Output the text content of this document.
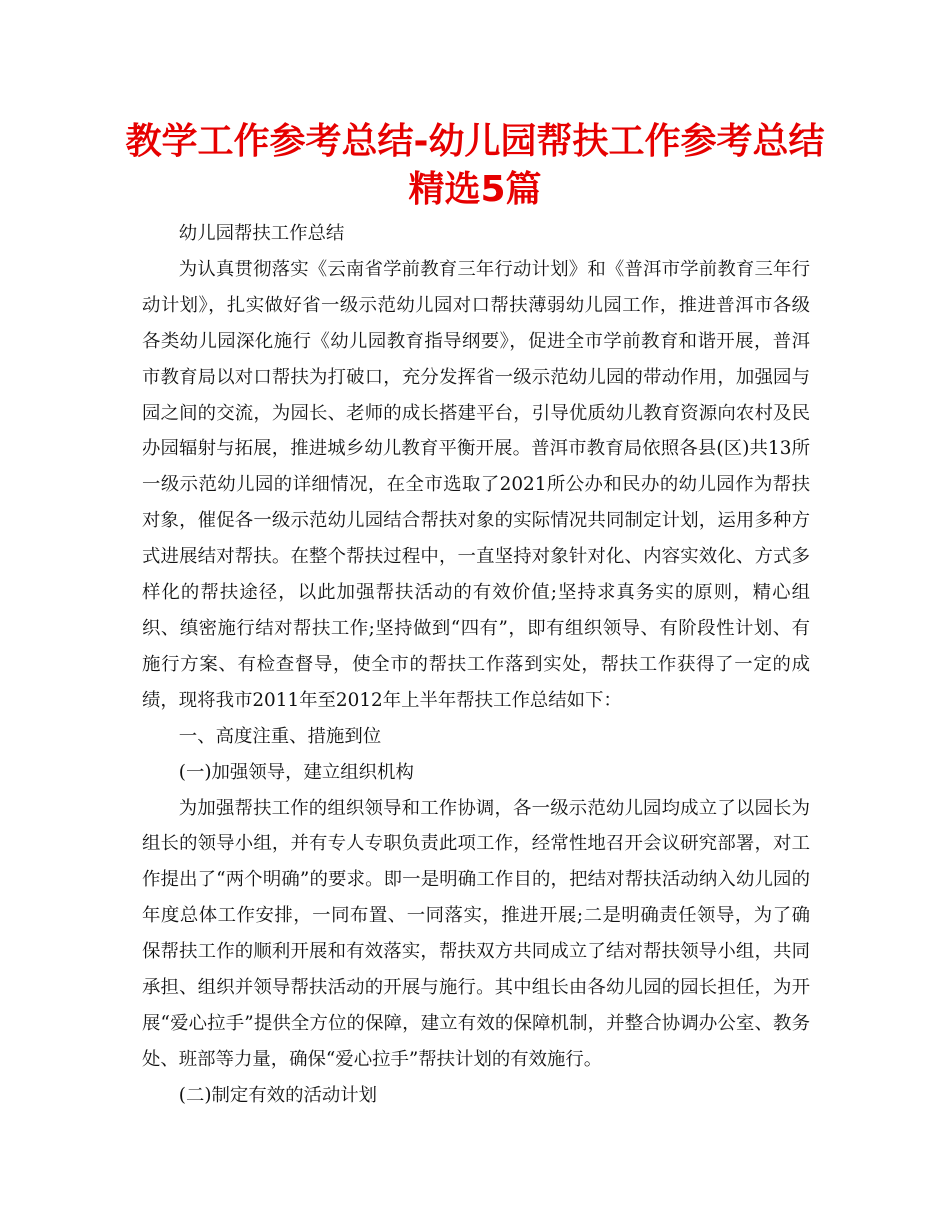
教学工作参考总结-幼儿园帮扶工作参考总结精选5篇

幼儿园帮扶工作总结

为认真贯彻落实《云南省学前教育三年行动计划》和《普洱市学前教育三年行动计划》，扎实做好省一级示范幼儿园对口帮扶薄弱幼儿园工作，推进普洱市各级各类幼儿园深化施行《幼儿园教育指导纲要》，促进全市学前教育和谐开展，普洱市教育局以对口帮扶为打破口，充分发挥省一级示范幼儿园的带动作用，加强园与园之间的交流，为园长、老师的成长搭建平台，引导优质幼儿教育资源向农村及民办园辐射与拓展，推进城乡幼儿教育平衡开展。普洱市教育局依照各县(区)共13所一级示范幼儿园的详细情况，在全市选取了2021所公办和民办的幼儿园作为帮扶对象，催促各一级示范幼儿园结合帮扶对象的实际情况共同制定计划，运用多种方式进展结对帮扶。在整个帮扶过程中，一直坚持对象针对化、内容实效化、方式多样化的帮扶途径，以此加强帮扶活动的有效价值;坚持求真务实的原则，精心组织、缜密施行结对帮扶工作;坚持做到“四有”，即有组织领导、有阶段性计划、有施行方案、有检查督导，使全市的帮扶工作落到实处，帮扶工作获得了一定的成绩，现将我市2011年至2012年上半年帮扶工作总结如下：

一、高度注重、措施到位

(一)加强领导，建立组织机构

为加强帮扶工作的组织领导和工作协调，各一级示范幼儿园均成立了以园长为组长的领导小组，并有专人专职负责此项工作，经常性地召开会议研究部署，对工作提出了“两个明确”的要求。即一是明确工作目的，把结对帮扶活动纳入幼儿园的年度总体工作安排，一同布置、一同落实，推进开展;二是明确责任领导，为了确保帮扶工作的顺利开展和有效落实，帮扶双方共同成立了结对帮扶领导小组，共同承担、组织并领导帮扶活动的开展与施行。其中组长由各幼儿园的园长担任，为开展“爱心拉手”提供全方位的保障，建立有效的保障机制，并整合协调办公室、教务处、班部等力量，确保“爱心拉手”帮扶计划的有效施行。

(二)制定有效的活动计划
